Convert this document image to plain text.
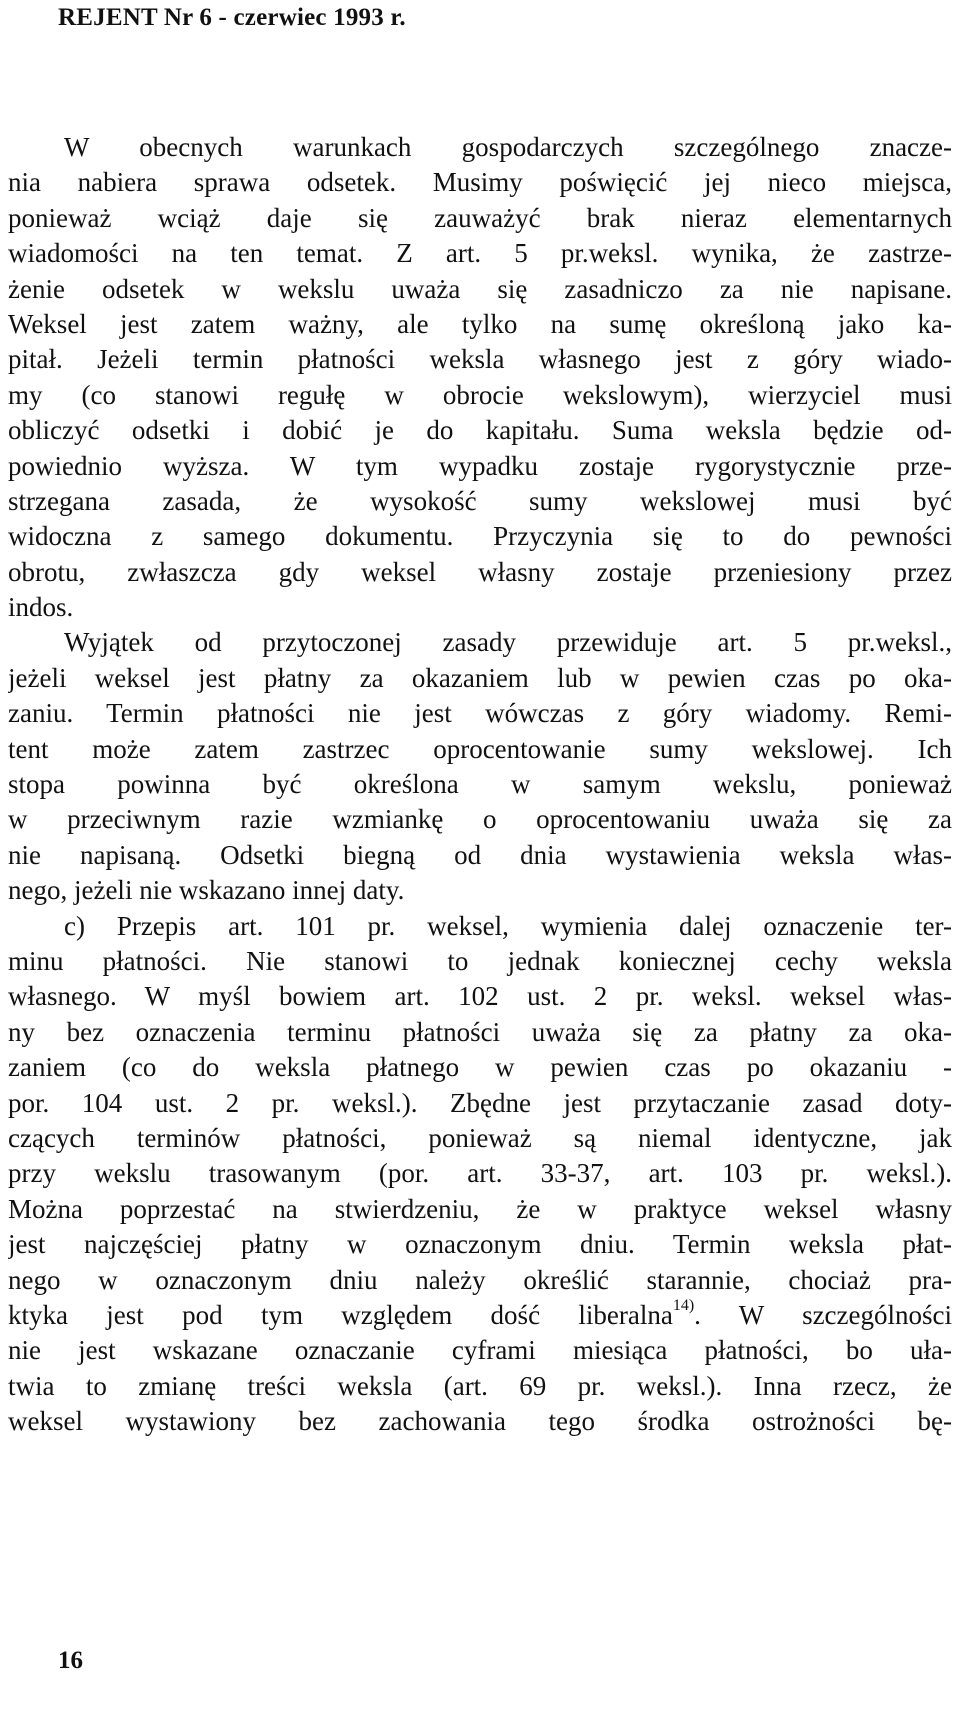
REJENT Nr 6 - czerwiec 1993 r.
W obecnych warunkach gospodarczych szczególnego znacze-
nia nabiera sprawa odsetek. Musimy poświęcić jej nieco miejsca,
ponieważ wciąż daje się zauważyć brak nieraz elementarnych
wiadomości na ten temat. Z art. 5 pr.weksl. wynika, że zastrze-
żenie odsetek w wekslu uważa się zasadniczo za nie napisane.
Weksel jest zatem ważny, ale tylko na sumę określoną jako ka-
pitał. Jeżeli termin płatności weksla własnego jest z góry wiado-
my (co stanowi regułę w obrocie wekslowym), wierzyciel musi
obliczyć odsetki i dobić je do kapitału. Suma weksla będzie od-
powiednio wyższa. W tym wypadku zostaje rygorystycznie prze-
strzegana zasada, że wysokość sumy wekslowej musi być
widoczna z samego dokumentu. Przyczynia się to do pewności
obrotu, zwłaszcza gdy weksel własny zostaje przeniesiony przez
indos.
Wyjątek od przytoczonej zasady przewiduje art. 5 pr.weksl.,
jeżeli weksel jest płatny za okazaniem lub w pewien czas po oka-
zaniu. Termin płatności nie jest wówczas z góry wiadomy. Remi-
tent może zatem zastrzec oprocentowanie sumy wekslowej. Ich
stopa powinna być określona w samym wekslu, ponieważ
w przeciwnym razie wzmiankę o oprocentowaniu uważa się za
nie napisaną. Odsetki biegną od dnia wystawienia weksla włas-
nego, jeżeli nie wskazano innej daty.
c) Przepis art. 101 pr. weksel, wymienia dalej oznaczenie ter-
minu płatności. Nie stanowi to jednak koniecznej cechy weksla
własnego. W myśl bowiem art. 102 ust. 2 pr. weksl. weksel włas-
ny bez oznaczenia terminu płatności uważa się za płatny za oka-
zaniem (co do weksla płatnego w pewien czas po okazaniu -
por. 104 ust. 2 pr. weksl.). Zbędne jest przytaczanie zasad doty-
czących terminów płatności, ponieważ są niemal identyczne, jak
przy wekslu trasowanym (por. art. 33-37, art. 103 pr. weksl.).
Można poprzestać na stwierdzeniu, że w praktyce weksel własny
jest najczęściej płatny w oznaczonym dniu. Termin weksla płat-
nego w oznaczonym dniu należy określić starannie, chociaż pra-
ktyka jest pod tym względem dość liberalna$^{14)}$. W szczególności
nie jest wskazane oznaczanie cyframi miesiąca płatności, bo uła-
twia to zmianę treści weksla (art. 69 pr. weksl.). Inna rzecz, że
weksel wystawiony bez zachowania tego środka ostrożności bę-
16
